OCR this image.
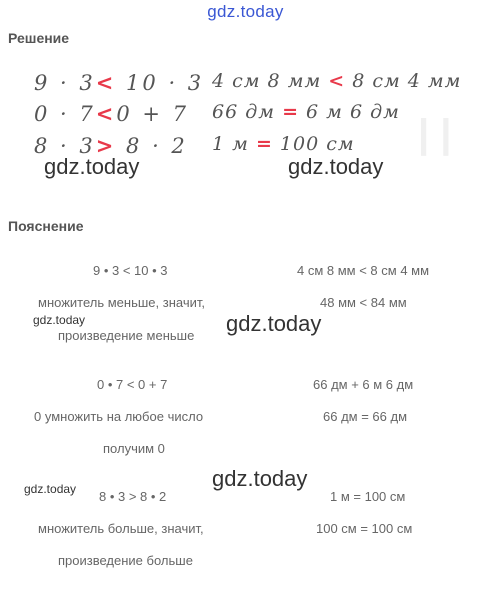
gdz.today
Решение
9 · 3< 10 · 3
0 · 7<0 + 7
8 · 3> 8 · 2
4 см 8 мм < 8 см 4 мм
66 дм = 6 м 6 дм
1 м = 100 см | |
gdz.today	gdz.today
Пояснение
9 • 3 < 10 • 3	4 см 8 мм < 8 см 4 мм
множитель меньше, значит,	48 мм < 84 мм
gdz.today	gdz.today
произведение меньше
0 • 7 < 0 + 7	66 дм + 6 м 6 дм
0 умножить на любое число	66 дм = 66 дм
получим 0
gdz.today
gdz.today 8 • 3 > 8 • 2	1 м = 100 см
множитель больше, значит,	100 см = 100 см
произведение больше
